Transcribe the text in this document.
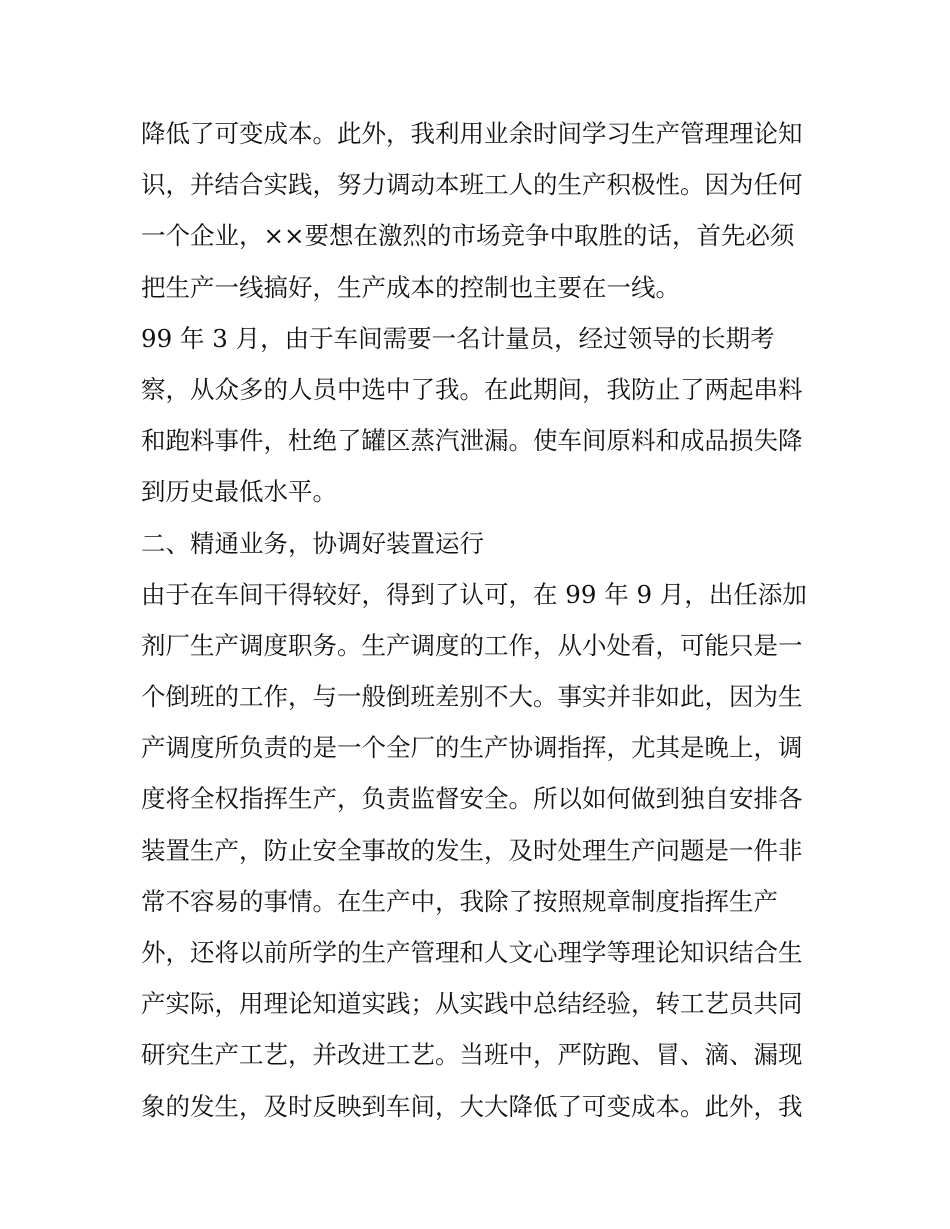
降低了可变成本。此外，我利用业余时间学习生产管理理论知
识，并结合实践，努力调动本班工人的生产积极性。因为任何
一个企业，××要想在激烈的市场竞争中取胜的话，首先必须
把生产一线搞好，生产成本的控制也主要在一线。
99 年 3 月，由于车间需要一名计量员，经过领导的长期考
察，从众多的人员中选中了我。在此期间，我防止了两起串料
和跑料事件，杜绝了罐区蒸汽泄漏。使车间原料和成品损失降
到历史最低水平。
二、精通业务，协调好装置运行
由于在车间干得较好，得到了认可，在 99 年 9 月，出任添加
剂厂生产调度职务。生产调度的工作，从小处看，可能只是一
个倒班的工作，与一般倒班差别不大。事实并非如此，因为生
产调度所负责的是一个全厂的生产协调指挥，尤其是晚上，调
度将全权指挥生产，负责监督安全。所以如何做到独自安排各
装置生产，防止安全事故的发生，及时处理生产问题是一件非
常不容易的事情。在生产中，我除了按照规章制度指挥生产
外，还将以前所学的生产管理和人文心理学等理论知识结合生
产实际，用理论知道实践；从实践中总结经验，转工艺员共同
研究生产工艺，并改进工艺。当班中，严防跑、冒、滴、漏现
象的发生，及时反映到车间，大大降低了可变成本。此外，我
